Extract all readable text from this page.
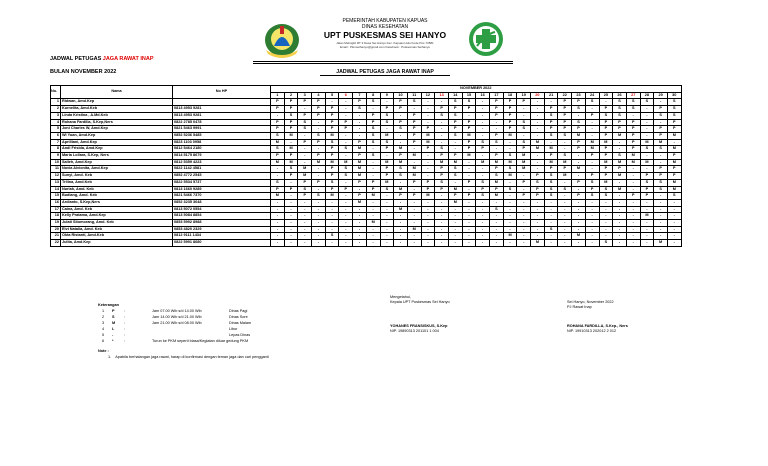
PEMERINTAH KABUPATEN KAPUAS
DINAS KESEHATAN
UPT PUSKESMAS SEI HANYO
Jalan Melingkit RT 3 Desa Sei Hanyo Kec. Kapuas Hulu Kode Pos 73581
Email : Pkmseihanyo@gmail.com Facebook : Puskesmas Seihanyo
JADWAL PETUGAS JAGA RAWAT INAP
BULAN NOVEMBER 2022	JADWAL PETUGAS JAGA RAWAT INAP
No.	Nama	No HP	NOVEMBER 2022																													
			1	2	3	4	5	6	7	8	9	10	11	12	13	14	15	16	17	18	19	20	21	22	23	24	25	26	27	28	29	30
1	Ridwan, Amd.Kep		P	P	P	P	-	-	P	S	-	P	S	-	-	S	S	-	P	P	P	-	-	P	P	S	-	S	S	S	-	S
2	Kurnelita, Amd.Keb	0813 4953 9281	P	P	-	P	P	-	S	-	P	P	-	-	P	P	P	-	P	P	-	-	P	P	S	-	P	S	S	-	P	S
3	Linda Kristina , A.Md.Keb	0813 4953 9281	-	S	P	P	P	-	-	P	S	-	P	-	S	S	-	-	P	P	-	-	S	P	-	P	S	S	-	-	S	S
4	Rohana Fardilla, S.Kep,Ners	0822 2785 0478	P	P	S	-	P	P	-	P	S	P	P	-	-	P	P	-	-	P	S	-	P	P	S	-	P	P	P	-	-	P
5	Joni Charles W, Amd.Kep	0821 5463 9991	P	P	S	-	P	P	-	S	-	S	P	P	-	P	P	-	-	P	S	-	P	P	P	-	P	P	P	-	P	P
6	Wi Yuan, Amd.Kep	0852 5236 5485	S	M	-	S	M	-	-	S	M	-	P	M	-	S	M	-	P	M	-	-	S	S	M	-	P	M	P	-	P	M
7	Aprilliani, Amd.Kep	0823 1103 0958	M	-	P	P	S	-	P	S	S	-	P	M	-	-	P	S	S	-	S	M	-	-	P	M	M	-	P	M	M	-
8	Andi Frisida, Amd.Kep	0812 5464 2180	S	M	-	-	P	S	M	-	P	M	-	P	S	-	P	P	-	-	P	M	M	-	P	M	P	-	P	S	S	M
9	Maria Lollara, S.Kep, Ners	0814 5175 8679	P	P	-	P	P	-	P	S	-	P	M	-	P	P	M	-	P	S	M	-	P	S	-	P	P	S	M	-	-	P
10	Salleh, Amd.Kep	0812 5359 4223	M	M	-	M	M	M	M	-	M	M	-	-	M	M	-	M	M	M	M	-	M	M	-	-	M	M	M	M	-	M
11	Novia Alvionita, Amd.Kep	0822 1142 4581	-	S	M	-	P	S	M	-	P	S	M	-	P	S	-	-	P	S	M	-	P	P	M	-	P	P	-	-	P	P
12	Sunyi, Amd. Keb	0852 4772 2545	-	P	M	-	P	S	M	-	P	S	M	-	P	S	-	-	S	M	-	P	S	M	-	P	P	M	-	P	P	P
13	Trilina, Amd.Keb	0822 5534 5737	S	-	P	P	S	-	P	P	M	-	P	P	S	-	P	S	M	-	P	S	S	-	P	S	M	-	-	S	S	M
14	Nurlah, Amd. Keb	0813 1660 9289	P	P	S	-	P	P	-	P	S	M	-	P	P	M	-	P	P	S	-	P	S	S	-	P	S	M	-	P	S	M
15	Budiang, Amd. Keb	0821 5466 7370	M	-	P	S	M	-	P	M	-	P	P	M	-	P	P	S	M	-	P	P	S	-	P	S	S	-	P	P	-	S
16	Ardianto, S.Kep,Ners	0852 3235 3648	-	-	-	-	-	-	M	-	-	-	-	-	-	M	-	-	-	-	-	-	-	-	-	-	-	-	-	-	-	-
17	Caina, Amd. Keb	0813 5072 0554	-	-	-	-	-	-	-	-	-	M	-	-	-	-	-	-	S	-	-	-	-	-	-	-	-	-	-	-	-	-
18	Kelly Pratama, Amd.Kep	0813 5084 8854	-	-	-	-	-	-	-	-	-	-	-	-	-	-	-	-	-	-	-	-	-	-	-	-	-	-	-	M	-	-
19	Julati Sitomorang, Amd. Keb	0853 5992 8988	-	-	-	-	-	-	-	M	-	-	-	-	-	-	-	-	-	-	-	-	-	-	-	-	-	-	-	-	-	-
20	Elvi Natalia, Amd. Keb	0853 4820 2329	-	-	-	-	-	-	-	-	-	-	M	-	-	-	-	-	-	-	-	-	S	-	-	-	-	-	-	-	-	-
21	Okta Ristanti, Amd.Keb	0812 9111 1434	-	-	-	-	S	-	-	-	-	-	-	-	-	-	-	-	-	M	-	-	-	-	M	-	-	-	-	-	-	-
22	Julita, Amd.Kep	0822 5991 8680	-	-	-	-	-	-	-	-	-	-	-	-	-	-	-	-	-	-	-	M	-	-	-	-	S	-	-	-	M	-
Keterangan
1 P :	Jam 07.00 Wib s/d 14.00 Wib	Dinas Pagi
2 S :	Jam 14.00 Wib s/d 21.00 Wib	Dinas Sore
3 M :	Jam 21.00 Wib s/d 08.00 Wib	Dinas Malam
4 L	:	Libur
5 -	:	Lepas Dinas
6 *	:	Turun ke PKM seperti biasa/Kegiatan diluar gedung PKM
Note :
1. Apabila berhalangan jaga rawat, harap di konfirmasi dengan teman jaga dan cari pengganti
Mengetahui,
Kepala UPT Puskesmas Sei Hanyo
YOHANES FRANSISKUS, S.Kep
NIP. 19890313 201101 1 004
Sei Hanyo, November 2022
PJ Rawat Inap
ROHANA FARDILLA, S.Kep., Ners
NIP. 19910313 202012 2 012
